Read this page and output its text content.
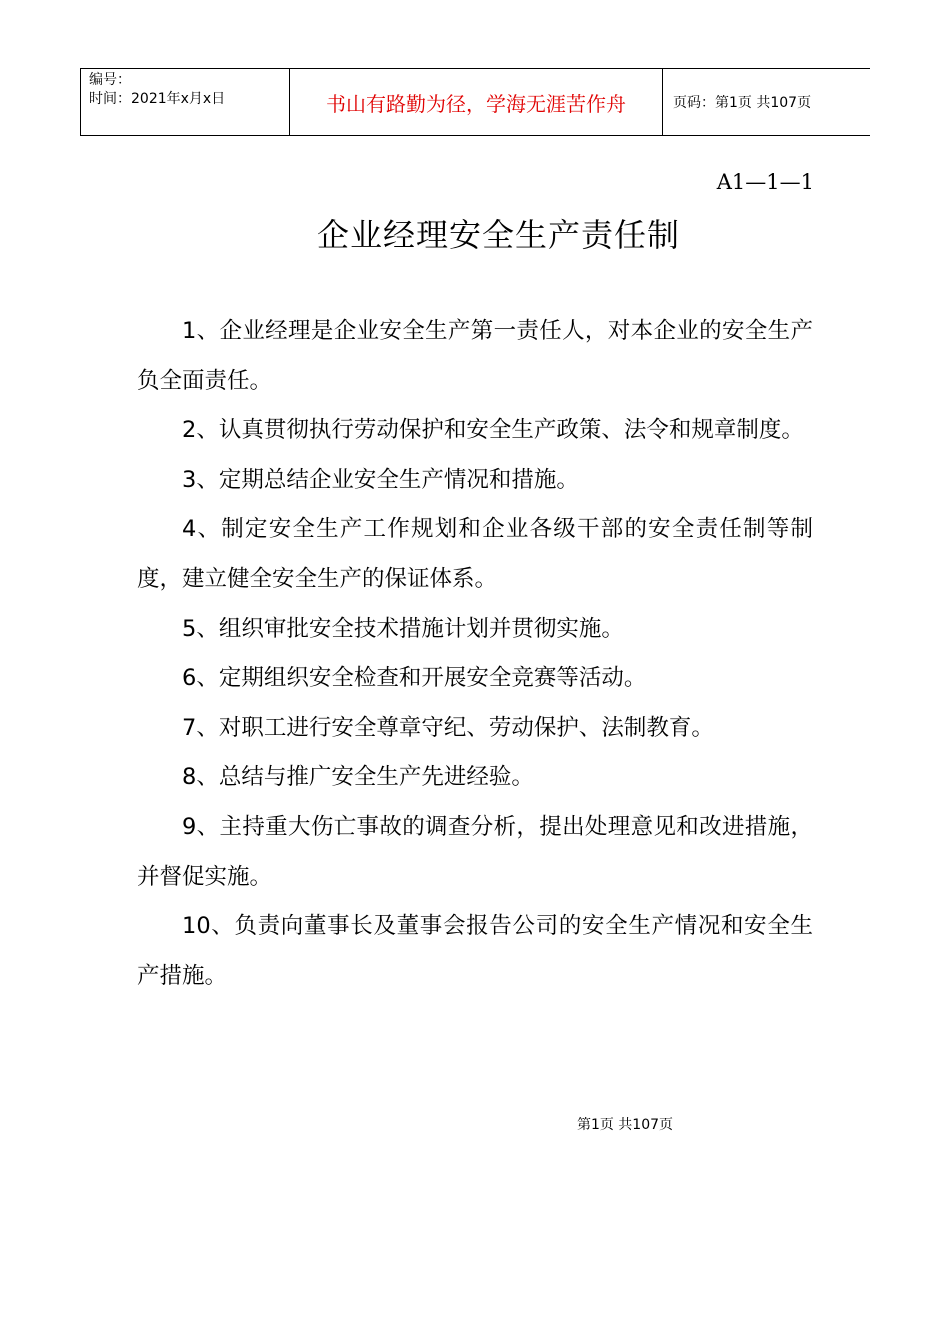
编号：
时间：2021年x月x日	书山有路勤为径，学海无涯苦作舟	页码：第1页 共107页
A1—1—1
企业经理安全生产责任制

1、企业经理是企业安全生产第一责任人，对本企业的安全生产负全面责任。

2、认真贯彻执行劳动保护和安全生产政策、法令和规章制度。

3、定期总结企业安全生产情况和措施。

4、制定安全生产工作规划和企业各级干部的安全责任制等制度，建立健全安全生产的保证体系。

5、组织审批安全技术措施计划并贯彻实施。

6、定期组织安全检查和开展安全竞赛等活动。

7、对职工进行安全尊章守纪、劳动保护、法制教育。

8、总结与推广安全生产先进经验。

9、主持重大伤亡事故的调查分析，提出处理意见和改进措施，并督促实施。

10、负责向董事长及董事会报告公司的安全生产情况和安全生产措施。

第1页 共107页
